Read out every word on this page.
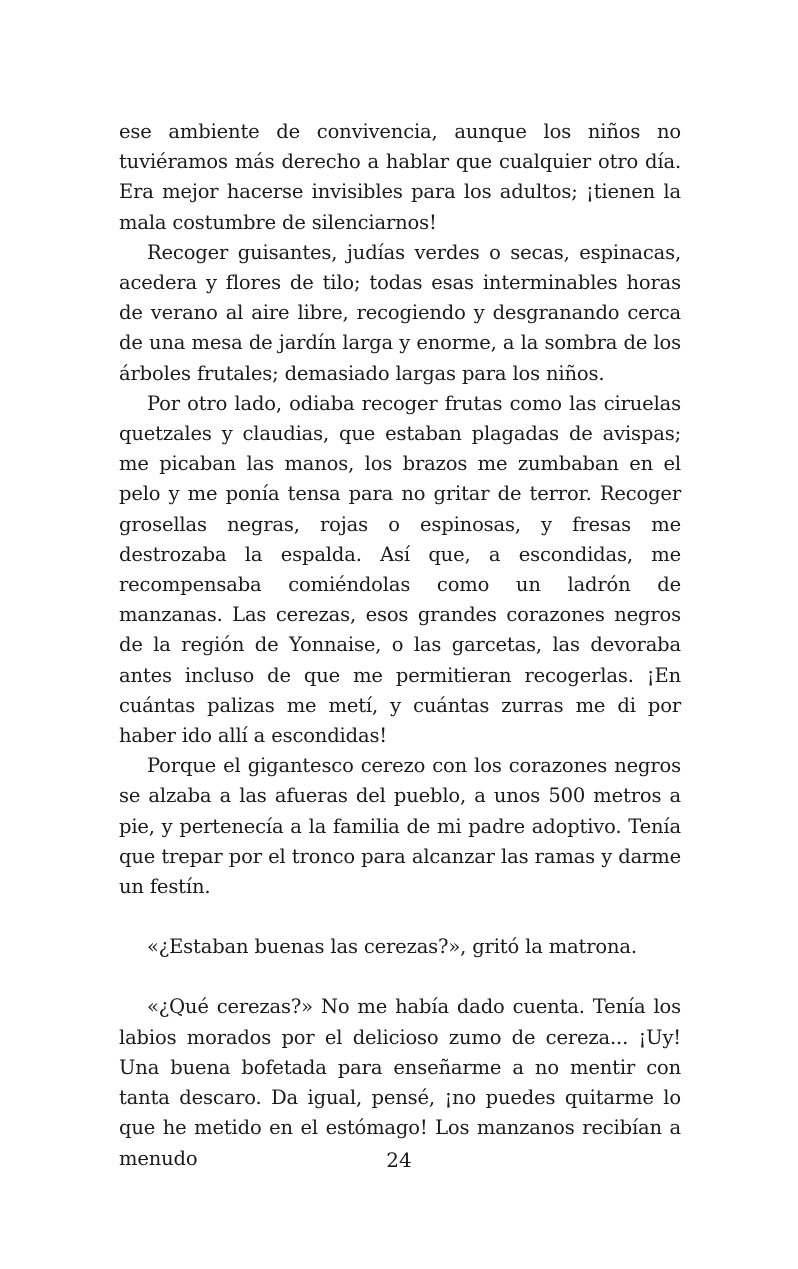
ese ambiente de convivencia, aunque los niños no tuviéramos más derecho a hablar que cualquier otro día. Era mejor hacerse invisibles para los adultos; ¡tienen la mala costumbre de silenciarnos!

Recoger guisantes, judías verdes o secas, espinacas, acedera y flores de tilo; todas esas interminables horas de verano al aire libre, recogiendo y desgranando cerca de una mesa de jardín larga y enorme, a la sombra de los árboles frutales; demasiado largas para los niños.

Por otro lado, odiaba recoger frutas como las ciruelas quetzales y claudias, que estaban plagadas de avispas; me picaban las manos, los brazos me zumbaban en el pelo y me ponía tensa para no gritar de terror. Recoger grosellas negras, rojas o espinosas, y fresas me destrozaba la espalda. Así que, a escondidas, me recompensaba comiéndolas como un ladrón de manzanas. Las cerezas, esos grandes corazones negros de la región de Yonnaise, o las garcetas, las devoraba antes incluso de que me permitieran recogerlas. ¡En cuántas palizas me metí, y cuántas zurras me di por haber ido allí a escondidas!

Porque el gigantesco cerezo con los corazones negros se alzaba a las afueras del pueblo, a unos 500 metros a pie, y pertenecía a la familia de mi padre adoptivo. Tenía que trepar por el tronco para alcanzar las ramas y darme un festín.

«¿Estaban buenas las cerezas?», gritó la matrona.

«¿Qué cerezas?» No me había dado cuenta. Tenía los labios morados por el delicioso zumo de cereza... ¡Uy! Una buena bofetada para enseñarme a no mentir con tanta descaro. Da igual, pensé, ¡no puedes quitarme lo que he metido en el estómago! Los manzanos recibían a menudo	24
